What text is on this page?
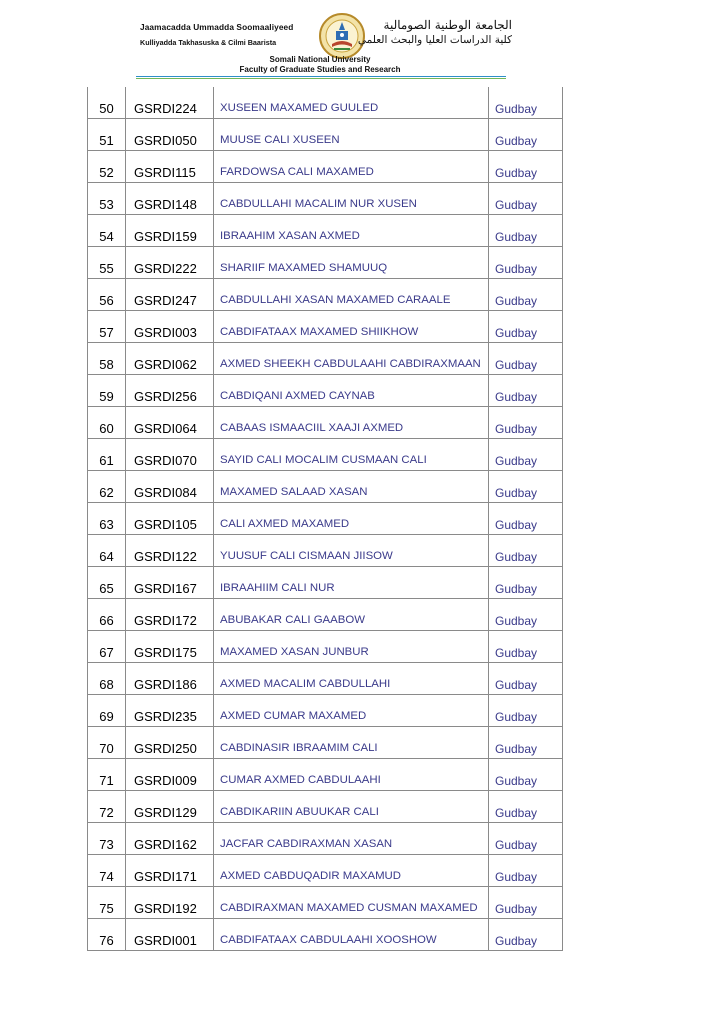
Jaamacadda Ummadda Soomaaliyeed
Kulliyadda Takhasuska & Cilmi Baarista
الجامعة الوطنية الصومالية
كلية الدراسات العليا والبحث العلمي
Somali National University
Faculty of Graduate Studies and Research
50	GSRDI224	XUSEEN MAXAMED GUULED	Gudbay
51	GSRDI050	MUUSE CALI XUSEEN	Gudbay
52	GSRDI115	FARDOWSA CALI MAXAMED	Gudbay
53	GSRDI148	CABDULLAHI MACALIM NUR XUSEN	Gudbay
54	GSRDI159	IBRAAHIM XASAN AXMED	Gudbay
55	GSRDI222	SHARIIF MAXAMED SHAMUUQ	Gudbay
56	GSRDI247	CABDULLAHI XASAN MAXAMED CARAALE	Gudbay
57	GSRDI003	CABDIFATAAX MAXAMED SHIIKHOW	Gudbay
58	GSRDI062	AXMED SHEEKH CABDULAAHI CABDIRAXMAAN	Gudbay
59	GSRDI256	CABDIQANI AXMED CAYNAB	Gudbay
60	GSRDI064	CABAAS ISMAACIIL XAAJI AXMED	Gudbay
61	GSRDI070	SAYID CALI MOCALIM CUSMAAN CALI	Gudbay
62	GSRDI084	MAXAMED SALAAD XASAN	Gudbay
63	GSRDI105	CALI AXMED MAXAMED	Gudbay
64	GSRDI122	YUUSUF CALI CISMAAN JIISOW	Gudbay
65	GSRDI167	IBRAAHIIM CALI NUR	Gudbay
66	GSRDI172	ABUBAKAR CALI GAABOW	Gudbay
67	GSRDI175	MAXAMED XASAN JUNBUR	Gudbay
68	GSRDI186	AXMED MACALIM CABDULLAHI	Gudbay
69	GSRDI235	AXMED CUMAR MAXAMED	Gudbay
70	GSRDI250	CABDINASIR IBRAAMIM CALI	Gudbay
71	GSRDI009	CUMAR AXMED CABDULAAHI	Gudbay
72	GSRDI129	CABDIKARIIN ABUUKAR CALI	Gudbay
73	GSRDI162	JACFAR CABDIRAXMAN XASAN	Gudbay
74	GSRDI171	AXMED CABDUQADIR MAXAMUD	Gudbay
75	GSRDI192	CABDIRAXMAN MAXAMED CUSMAN MAXAMED	Gudbay
76	GSRDI001	CABDIFATAAX CABDULAAHI XOOSHOW	Gudbay
